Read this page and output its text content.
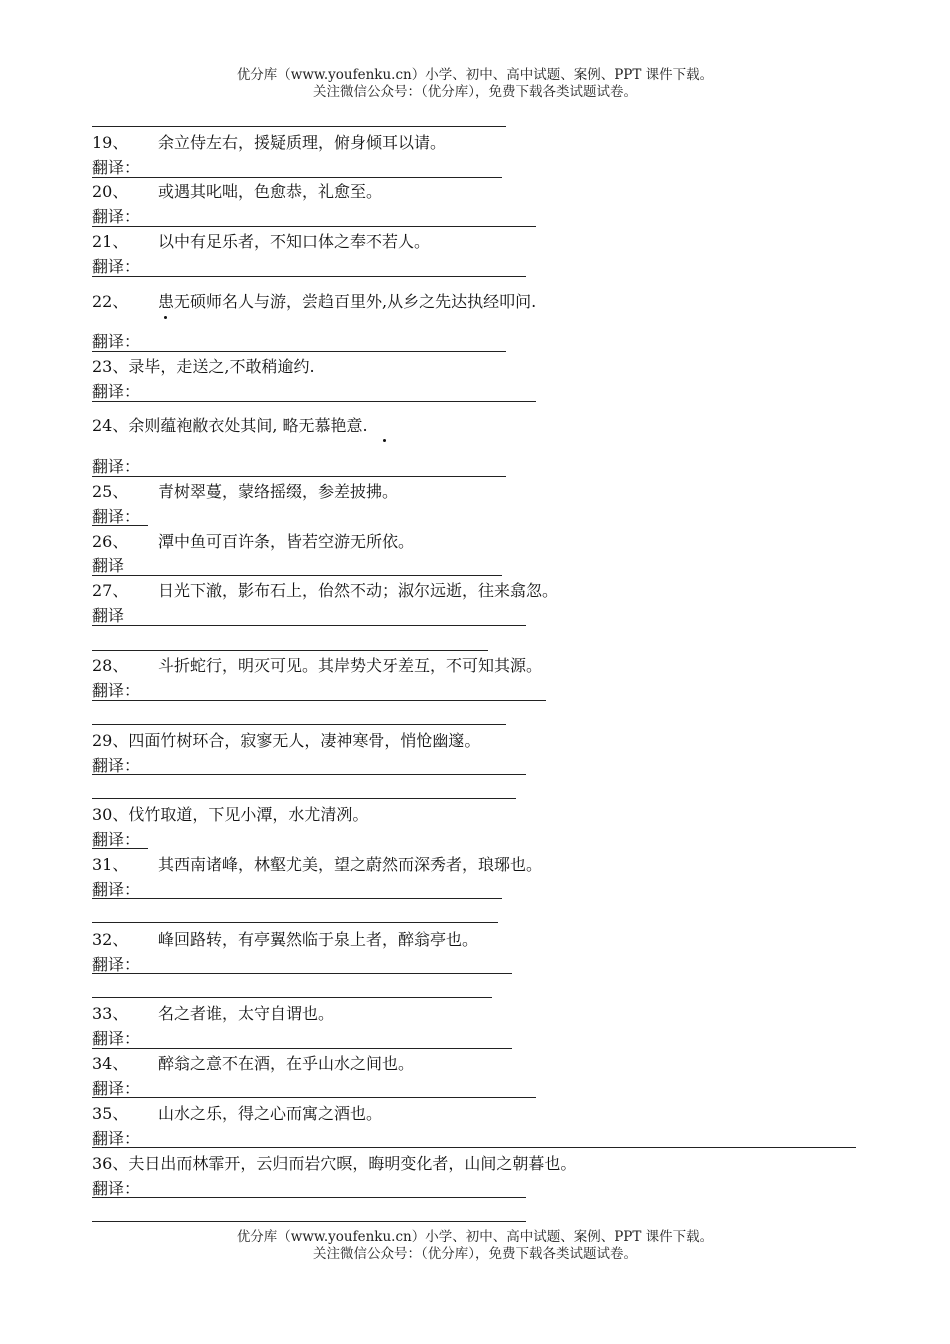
优分库（www.youfenku.cn）小学、初中、高中试题、案例、PPT 课件下载。
关注微信公众号：（优分库），免费下载各类试题试卷。
19、 余立侍左右，援疑质理，俯身倾耳以请。
翻译：
20、 或遇其叱咄，色愈恭，礼愈至。
翻译：
21、 以中有足乐者，不知口体之奉不若人。
翻译：
22、 患无硕师名人与游，尝趋百里外,从乡之先达执经叩问.
翻译：
23、录毕，走送之,不敢稍逾约.
翻译：
24、余则蕴袍敝衣处其间, 略无慕艳意.
翻译：
25、 青树翠蔓，蒙络摇缀，参差披拂。
翻译：
26、 潭中鱼可百许条，皆若空游无所依。
翻译
27、 日光下澈，影布石上，佁然不动；淑尔远逝，往来翕忽。
翻译
28、 斗折蛇行，明灭可见。其岸势犬牙差互，不可知其源。
翻译：
29、四面竹树环合，寂寥无人，凄神寒骨，悄怆幽邃。
翻译：
30、伐竹取道，下见小潭，水尤清冽。
翻译：
31、 其西南诸峰，林壑尤美，望之蔚然而深秀者，琅琊也。
翻译：
32、 峰回路转，有亭翼然临于泉上者，醉翁亭也。
翻译：
33、 名之者谁，太守自谓也。
翻译：
34、 醉翁之意不在酒，在乎山水之间也。
翻译：
35、 山水之乐，得之心而寓之酒也。
翻译：
36、夫日出而林霏开，云归而岩穴暝，晦明变化者，山间之朝暮也。
翻译：
优分库（www.youfenku.cn）小学、初中、高中试题、案例、PPT 课件下载。
关注微信公众号：（优分库），免费下载各类试题试卷。
